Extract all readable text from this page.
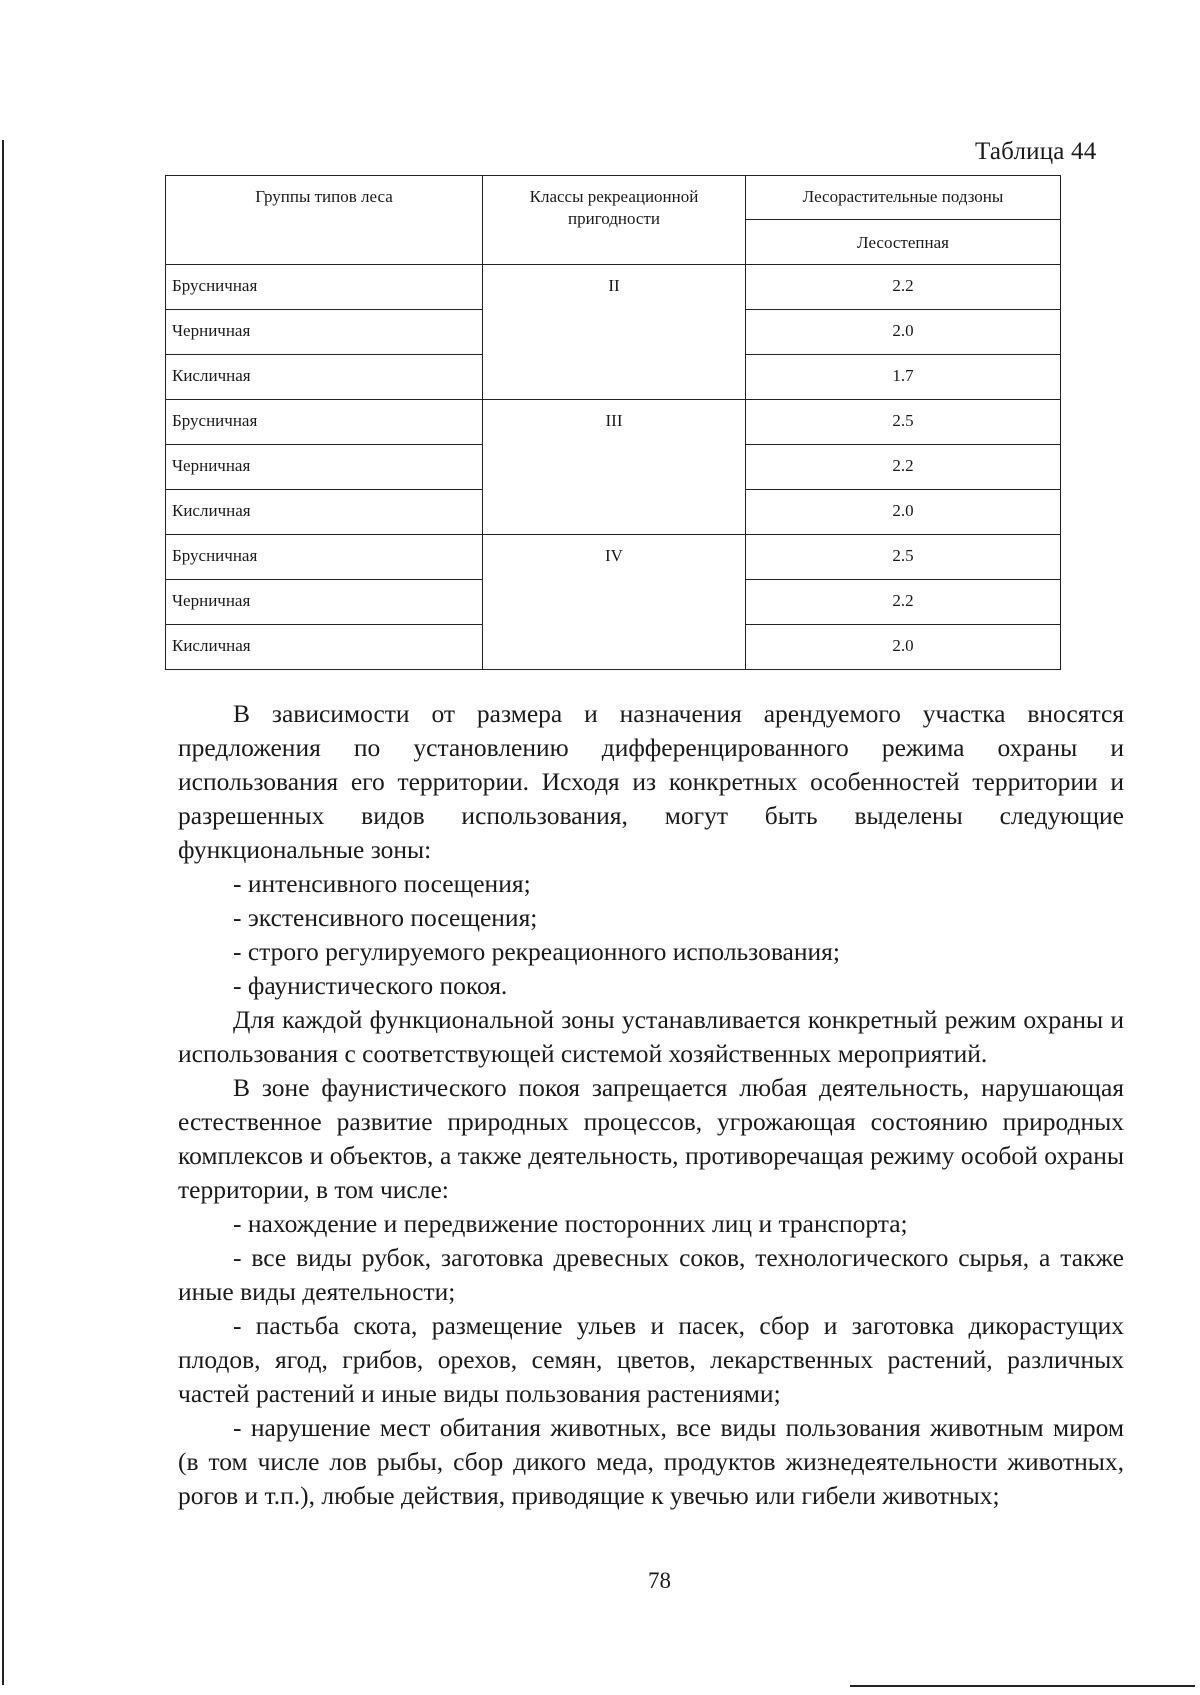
Таблица 44
Группы типов леса	Классы рекреационной пригодности	Лесорастительные подзоны
		Лесостепная
Брусничная	II	2.2
Черничная		2.0
Кисличная		1.7
Брусничная	III	2.5
Черничная		2.2
Кисличная		2.0
Брусничная	IV	2.5
Черничная		2.2
Кисличная		2.0

В зависимости от размера и назначения арендуемого участка вносятся предложения по установлению дифференцированного режима охраны и использования его территории. Исходя из конкретных особенностей территории и разрешенных видов использования, могут быть выделены следующие функциональные зоны:

- интенсивного посещения;

- экстенсивного посещения;

- строго регулируемого рекреационного использования;

- фаунистического покоя.

Для каждой функциональной зоны устанавливается конкретный режим охраны и использования с соответствующей системой хозяйственных мероприятий.

В зоне фаунистического покоя запрещается любая деятельность, нарушающая естественное развитие природных процессов, угрожающая состоянию природных комплексов и объектов, а также деятельность, противоречащая режиму особой охраны территории, в том числе:

- нахождение и передвижение посторонних лиц и транспорта;

- все виды рубок, заготовка древесных соков, технологического сырья, а также иные виды деятельности;

- пастьба скота, размещение ульев и пасек, сбор и заготовка дикорастущих плодов, ягод, грибов, орехов, семян, цветов, лекарственных растений, различных частей растений и иные виды пользования растениями;

- нарушение мест обитания животных, все виды пользования животным миром (в том числе лов рыбы, сбор дикого меда, продуктов жизнедеятельности животных, рогов и т.п.), любые действия, приводящие к увечью или гибели животных;

78
